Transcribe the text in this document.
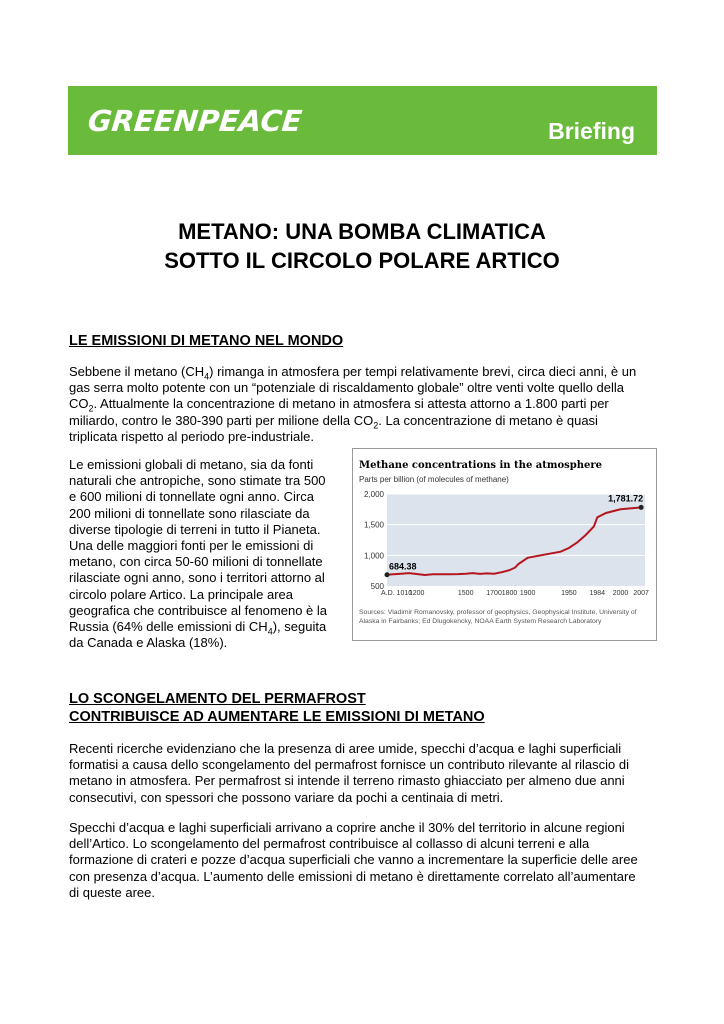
GREENPEACE	Briefing
METANO: UNA BOMBA CLIMATICA
SOTTO IL CIRCOLO POLARE ARTICO
LE EMISSIONI DI METANO NEL MONDO
Sebbene il metano $(CH_4)$ rimanga in atmosfera per tempi relativamente brevi, circa dieci anni, è un
gas serra molto potente con un “potenziale di riscaldamento globale” oltre venti volte quello della
$CO_2$. Attualmente la concentrazione di metano in atmosfera si attesta attorno a 1.800 parti per
miliardo, contro le 380-390 parti per milione della $CO_2$. La concentrazione di metano è quasi
triplicata rispetto al periodo pre-industriale.
Le emissioni globali di metano, sia da fonti
naturali che antropiche, sono stimate tra 500
e 600 milioni di tonnellate ogni anno. Circa
200 milioni di tonnellate sono rilasciate da
diverse tipologie di terreni in tutto il Pianeta.
Una delle maggiori fonti per le emissioni di
metano, con circa 50-60 milioni di tonnellate
rilasciate ogni anno, sono i territori attorno al
circolo polare Artico. La principale area
geografica che contribuisce al fenomeno è la
Russia (64% delle emissioni di $CH_4$), seguita
da Canada e Alaska (18%).
Methane concentrations in the atmosphere
Parts per billion (of molecules of methane)
2,000
1,500
1,000
500
A.D. 1010
1200	1500 1700 1800 1900	1950 1984 2000 2007
684.38
1,781.72
Sources: Vladimir Romanovsky, professor of geophysics, Geophysical Institute, University of Alaska in Fairbanks; Ed Dlugokencky, NOAA Earth System Research Laboratory
LO SCONGELAMENTO DEL PERMAFROST
CONTRIBUISCE AD AUMENTARE LE EMISSIONI DI METANO
Recenti ricerche evidenziano che la presenza di aree umide, specchi d’acqua e laghi superficiali
formatisi a causa dello scongelamento del permafrost fornisce un contributo rilevante al rilascio di
metano in atmosfera. Per permafrost si intende il terreno rimasto ghiacciato per almeno due anni
consecutivi, con spessori che possono variare da pochi a centinaia di metri.
Specchi d’acqua e laghi superficiali arrivano a coprire anche il 30% del territorio in alcune regioni
dell’Artico. Lo scongelamento del permafrost contribuisce al collasso di alcuni terreni e alla
formazione di crateri e pozze d’acqua superficiali che vanno a incrementare la superficie delle aree
con presenza d’acqua. L’aumento delle emissioni di metano è direttamente correlato all’aumentare
di queste aree.
